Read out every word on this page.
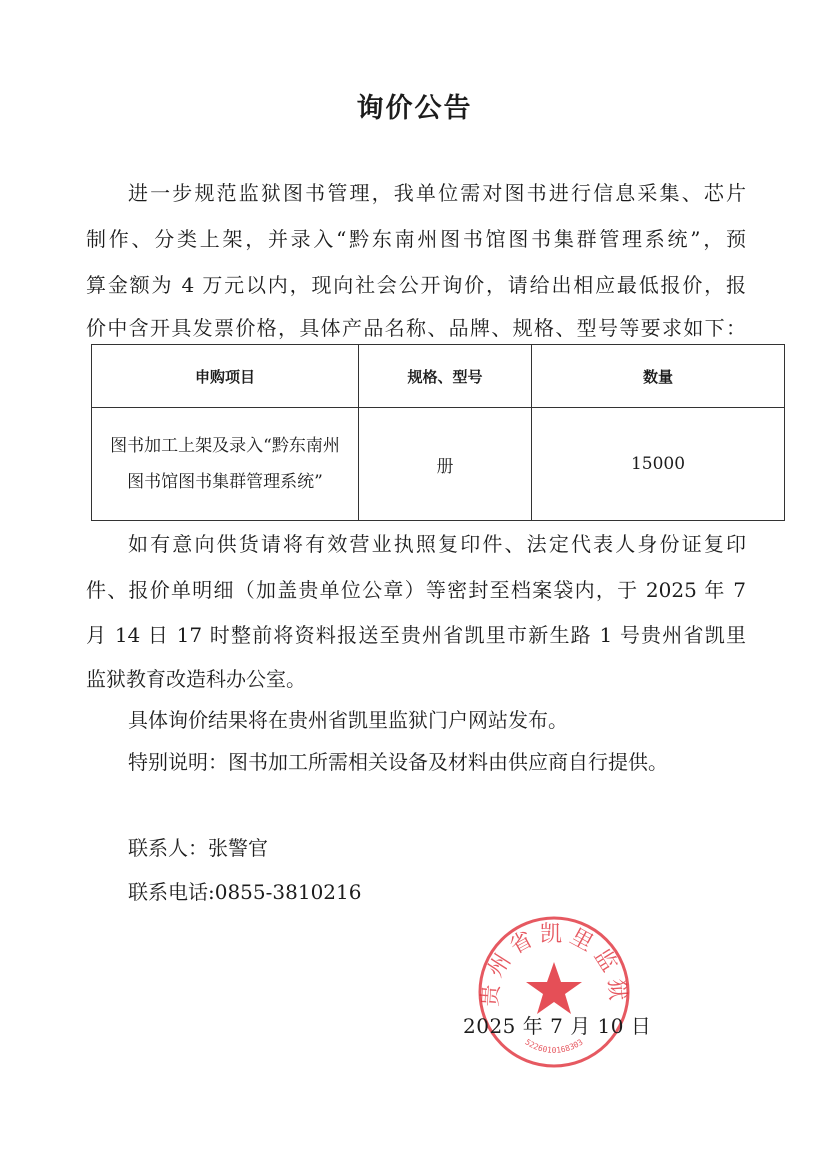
询价公告
进一步规范监狱图书管理，我单位需对图书进行信息采集、芯片
制作、分类上架，并录入“黔东南州图书馆图书集群管理系统”，预
算金额为 4 万元以内，现向社会公开询价，请给出相应最低报价，报
价中含开具发票价格，具体产品名称、品牌、规格、型号等要求如下：
申购项目	规格、型号	数量

图书加工上架及录入“黔东南州
图书馆图书集群管理系统”	册	15000
如有意向供货请将有效营业执照复印件、法定代表人身份证复印
件、报价单明细（加盖贵单位公章）等密封至档案袋内，于 2025 年 7
月 14 日 17 时整前将资料报送至贵州省凯里市新生路 1 号贵州省凯里
监狱教育改造科办公室。
具体询价结果将在贵州省凯里监狱门户网站发布。
特别说明：图书加工所需相关设备及材料由供应商自行提供。
联系人：张警官
联系电话:0855-3810216
贵州省凯里监狱
5226010168303
2025 年 7 月 10 日
